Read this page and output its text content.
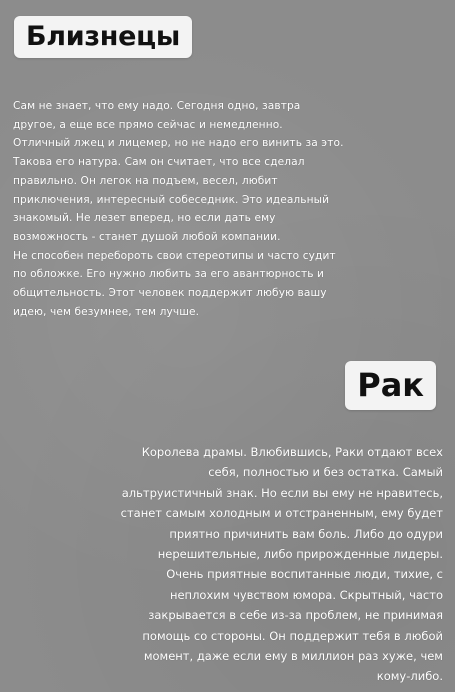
Близнецы
Сам не знает, что ему надо. Сегодня одно, завтра
другое, а еще все прямо сейчас и немедленно.
Отличный лжец и лицемер, но не надо его винить за это.
Такова его натура. Сам он считает, что все сделал
правильно. Он легок на подъем, весел, любит
приключения, интересный собеседник. Это идеальный
знакомый. Не лезет вперед, но если дать ему
возможность - станет душой любой компании.
Не способен перебороть свои стереотипы и часто судит
по обложке. Его нужно любить за его авантюрность и
общительность. Этот человек поддержит любую вашу
идею, чем безумнее, тем лучше.
Рак
Королева драмы. Влюбившись, Раки отдают всех
себя, полностью и без остатка. Самый
альтруистичный знак. Но если вы ему не нравитесь,
станет самым холодным и отстраненным, ему будет
приятно причинить вам боль. Либо до одури
нерешительные, либо прирожденные лидеры.
Очень приятные воспитанные люди, тихие, с
неплохим чувством юмора. Скрытный, часто
закрывается в себе из-за проблем, не принимая
помощь со стороны. Он поддержит тебя в любой
момент, даже если ему в миллион раз хуже, чем
кому-либо.
